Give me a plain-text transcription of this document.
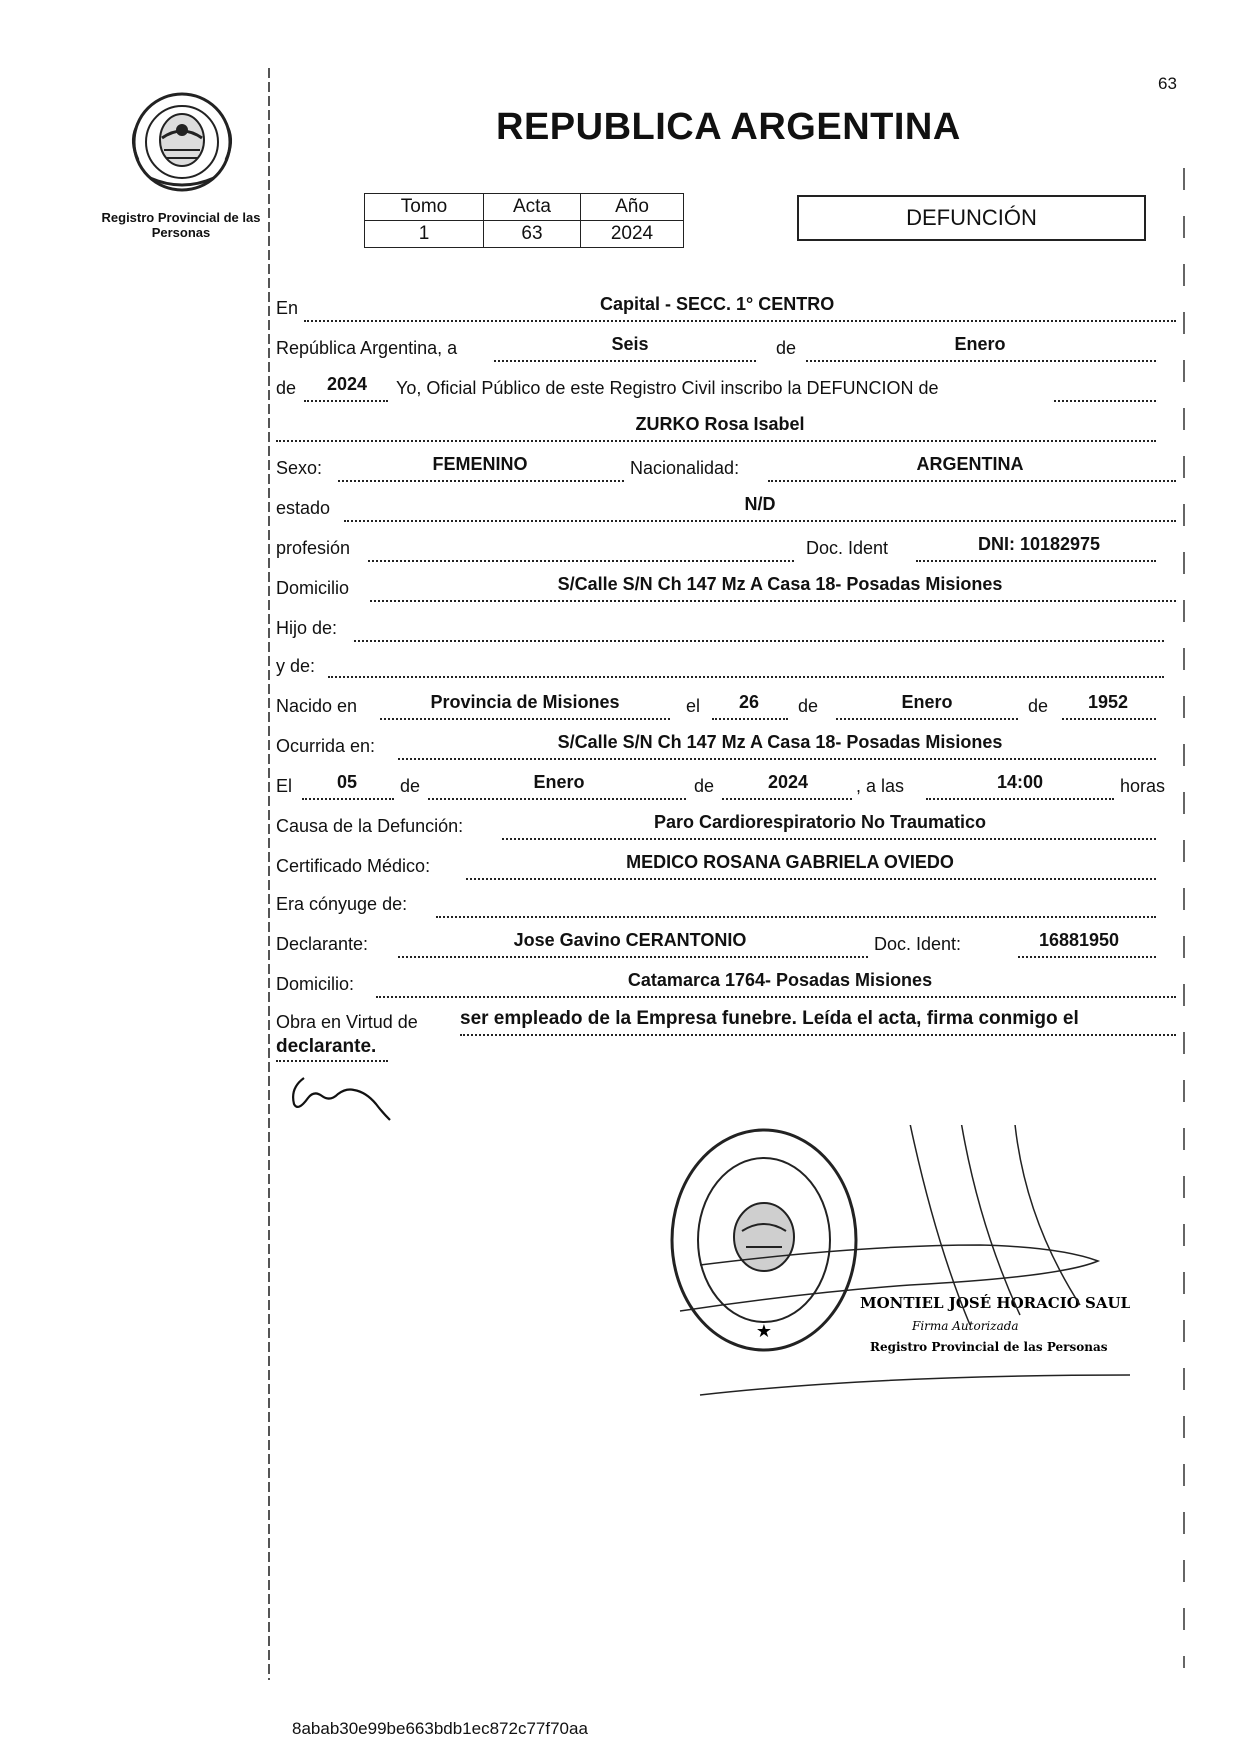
Registro Provincial de las Personas
63
REPUBLICA ARGENTINA
Tomo	Acta	Año
1	63	2024
DEFUNCIÓN
En	Capital - SECC. 1° CENTRO
República Argentina, a	Seis	de	Enero
de	2024	Yo, Oficial Público de este Registro Civil inscribo la DEFUNCION de
ZURKO Rosa Isabel
Sexo:	FEMENINO	Nacionalidad:	ARGENTINA
estado	N/D
profesión	Doc. Ident	DNI: 10182975
Domicilio	S/Calle S/N Ch 147 Mz A Casa 18- Posadas Misiones
Hijo de:
y de:
Nacido en	Provincia de Misiones	el	26	de	Enero	de	1952
Ocurrida en:	S/Calle S/N Ch 147 Mz A Casa 18- Posadas Misiones
El	05	de	Enero	de	2024	, a las	14:00	horas
Causa de la Defunción:	Paro Cardiorespiratorio No Traumatico
Certificado Médico:	MEDICO ROSANA GABRIELA OVIEDO
Era cónyuge de:
Declarante:	Jose Gavino CERANTONIO	Doc. Ident:	16881950
Domicilio:	Catamarca 1764- Posadas Misiones
Obra en Virtud de ser empleado de la Empresa funebre. Leída el acta, firma conmigo el
declarante.
★
MONTIEL JOSÉ HORACIO SAUL
Firma Autorizada
Registro Provincial de las Personas
8abab30e99be663bdb1ec872c77f70aa
